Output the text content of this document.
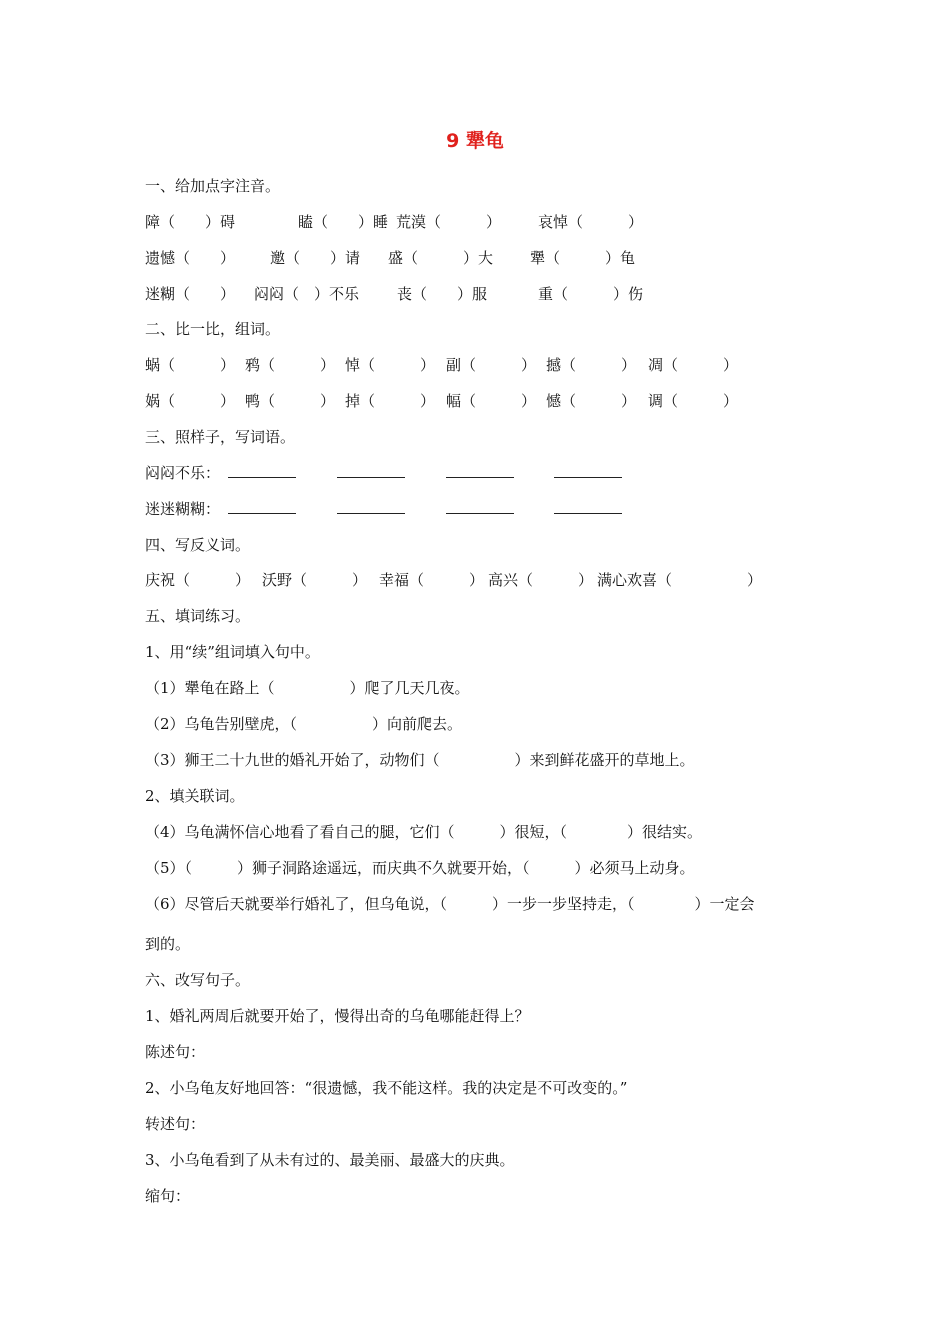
9 犟龟
一、给加点字注音。
障（　　）碍	瞌（　　）睡 荒漠（　　　） 哀悼（　　　）
遗憾（　　） 邀（　　）请 盛（　　　）大 犟（　　　）龟
迷糊（　　） 闷闷（　）不乐	丧（　　）服	重（　　　）伤
二、比一比，组词。
蜗（　　　） 鸦（　　　） 悼（　　　） 副（　　　） 撼（　　　） 凋（　　　）
娲（　　　） 鸭（　　　） 掉（　　　） 幅（　　　） 憾（　　　） 调（　　　）
三、照样子，写词语。
闷闷不乐：
迷迷糊糊：
四、写反义词。
庆祝（　　　） 沃野（　　　） 幸福（　　　） 高兴（　　　） 满心欢喜（　　　　　）
五、填词练习。
1、用“续”组词填入句中。
（1）犟龟在路上（　　　　　）爬了几天几夜。
（2）乌龟告别壁虎，（　　　　　）向前爬去。
（3）狮王二十九世的婚礼开始了，动物们（　　　　　）来到鲜花盛开的草地上。
2、填关联词。
（4）乌龟满怀信心地看了看自己的腿，它们（　　　）很短，（　　　　）很结实。
（5）（　　　）狮子洞路途遥远，而庆典不久就要开始，（　　　）必须马上动身。
（6）尽管后天就要举行婚礼了，但乌龟说，（　　　）一步一步坚持走，（　　　　）一定会
到的。
六、改写句子。
1、婚礼两周后就要开始了，慢得出奇的乌龟哪能赶得上？
陈述句：
2、小乌龟友好地回答：“很遗憾，我不能这样。我的决定是不可改变的。”
转述句：
3、小乌龟看到了从未有过的、最美丽、最盛大的庆典。
缩句：
